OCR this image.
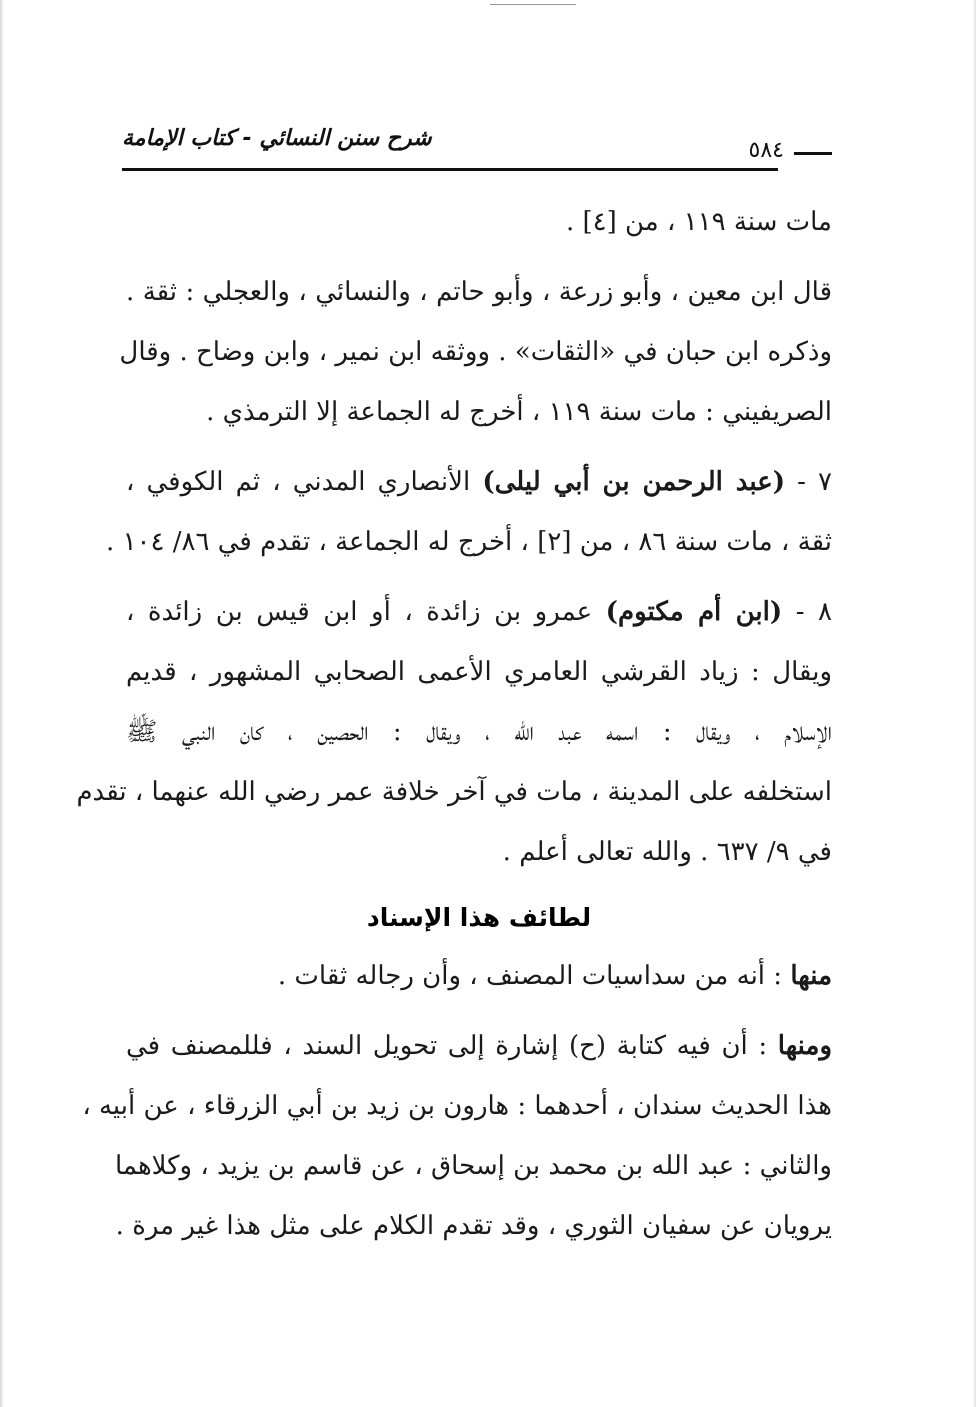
شرح سنن النسائي - كتاب الإمامة	٥٨٤
مات سنة ١١٩ ، من [٤] .
قال ابن معين ، وأبو زرعة ، وأبو حاتم ، والنسائي ، والعجلي : ثقة .
وذكره ابن حبان في «الثقات» . ووثقه ابن نمير ، وابن وضاح . وقال
الصريفيني : مات سنة ١١٩ ، أخرج له الجماعة إلا الترمذي .
٧ - (عبد الرحمن بن أبي ليلى) الأنصاري المدني ، ثم الكوفي ،
ثقة ، مات سنة ٨٦ ، من [٢] ، أخرج له الجماعة ، تقدم في ٨٦/ ١٠٤ .
٨ - (ابن أم مكتوم) عمرو بن زائدة ، أو ابن قيس بن زائدة ،
ويقال : زياد القرشي العامري الأعمى الصحابي المشهور ، قديم
الإسلام ، ويقال : اسمه عبد الله ، ويقال : الحصين ، كان النبي ﷺ
استخلفه على المدينة ، مات في آخر خلافة عمر رضي الله عنهما ، تقدم
في ٩/ ٦٣٧ . والله تعالى أعلم .
لطائف هذا الإسناد
منها : أنه من سداسيات المصنف ، وأن رجاله ثقات .
ومنها : أن فيه كتابة (ح) إشارة إلى تحويل السند ، فللمصنف في
هذا الحديث سندان ، أحدهما : هارون بن زيد بن أبي الزرقاء ، عن أبيه ،
والثاني : عبد الله بن محمد بن إسحاق ، عن قاسم بن يزيد ، وكلاهما
يرويان عن سفيان الثوري ، وقد تقدم الكلام على مثل هذا غير مرة .
